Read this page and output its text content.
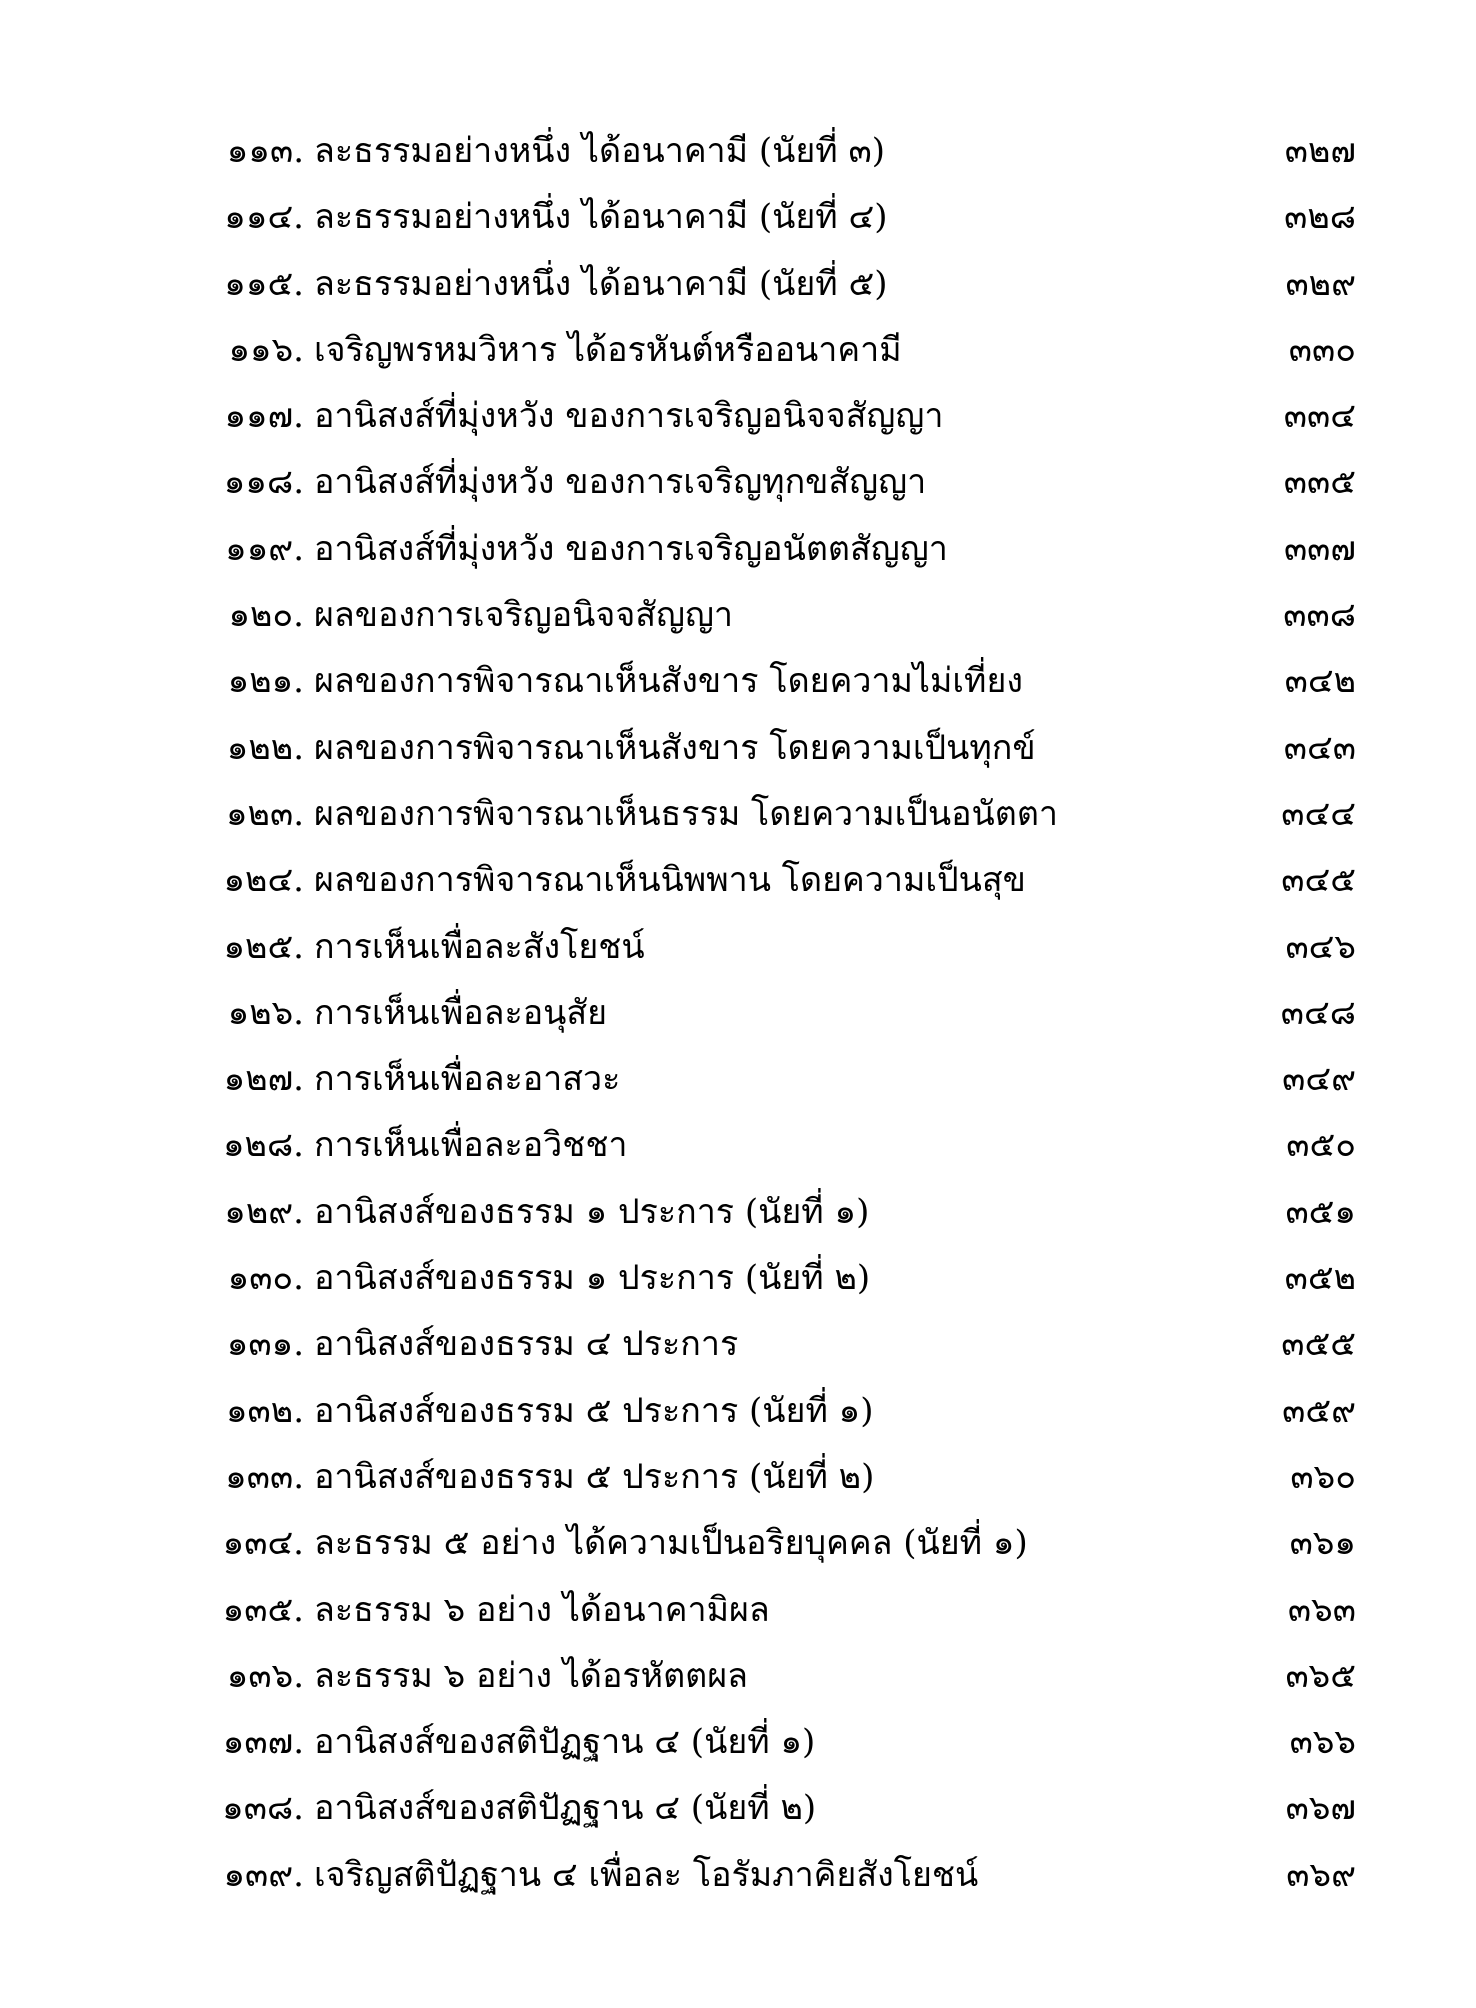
๑๑๓. ละธรรมอย่างหนึ่ง ได้อนาคามี (นัยที่ ๓)	๓๒๗
๑๑๔. ละธรรมอย่างหนึ่ง ได้อนาคามี (นัยที่ ๔)	๓๒๘
๑๑๕. ละธรรมอย่างหนึ่ง ได้อนาคามี (นัยที่ ๕)	๓๒๙
๑๑๖. เจริญพรหมวิหาร ได้อรหันต์หรืออนาคามี	๓๓๐
๑๑๗. อานิสงส์ที่มุ่งหวัง ของการเจริญอนิจจสัญญา	๓๓๔
๑๑๘. อานิสงส์ที่มุ่งหวัง ของการเจริญทุกขสัญญา	๓๓๕
๑๑๙. อานิสงส์ที่มุ่งหวัง ของการเจริญอนัตตสัญญา	๓๓๗
๑๒๐. ผลของการเจริญอนิจจสัญญา	๓๓๘
๑๒๑. ผลของการพิจารณาเห็นสังขาร โดยความไม่เที่ยง	๓๔๒
๑๒๒. ผลของการพิจารณาเห็นสังขาร โดยความเป็นทุกข์	๓๔๓
๑๒๓. ผลของการพิจารณาเห็นธรรม โดยความเป็นอนัตตา	๓๔๔
๑๒๔. ผลของการพิจารณาเห็นนิพพาน โดยความเป็นสุข	๓๔๕
๑๒๕. การเห็นเพื่อละสังโยชน์	๓๔๖
๑๒๖. การเห็นเพื่อละอนุสัย	๓๔๘
๑๒๗. การเห็นเพื่อละอาสวะ	๓๔๙
๑๒๘. การเห็นเพื่อละอวิชชา	๓๕๐
๑๒๙. อานิสงส์ของธรรม ๑ ประการ (นัยที่ ๑)	๓๕๑
๑๓๐. อานิสงส์ของธรรม ๑ ประการ (นัยที่ ๒)	๓๕๒
๑๓๑. อานิสงส์ของธรรม ๔ ประการ	๓๕๕
๑๓๒. อานิสงส์ของธรรม ๕ ประการ (นัยที่ ๑)	๓๕๙
๑๓๓. อานิสงส์ของธรรม ๕ ประการ (นัยที่ ๒)	๓๖๐
๑๓๔. ละธรรม ๕ อย่าง ได้ความเป็นอริยบุคคล (นัยที่ ๑)	๓๖๑
๑๓๕. ละธรรม ๖ อย่าง ได้อนาคามิผล	๓๖๓
๑๓๖. ละธรรม ๖ อย่าง ได้อรหัตตผล	๓๖๕
๑๓๗. อานิสงส์ของสติปัฏฐาน ๔ (นัยที่ ๑)	๓๖๖
๑๓๘. อานิสงส์ของสติปัฏฐาน ๔ (นัยที่ ๒)	๓๖๗
๑๓๙. เจริญสติปัฏฐาน ๔ เพื่อละ โอรัมภาคิยสังโยชน์	๓๖๙
